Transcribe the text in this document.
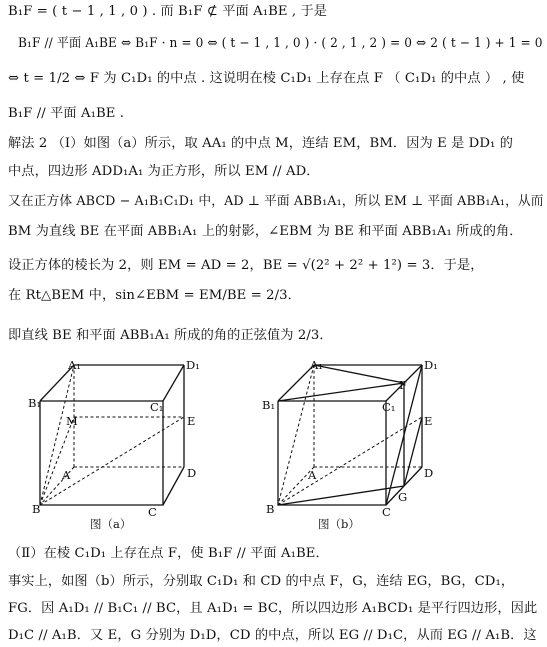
B₁F = ( t − 1 , 1 , 0 ) . 而 B₁F ⊄ 平面 A₁BE , 于是
B₁F // 平面 A₁BE ⇔ B₁F · n = 0 ⇔ ( t − 1 , 1 , 0 ) · ( 2 , 1 , 2 ) = 0 ⇔ 2 ( t − 1 ) + 1 = 0
⇔ t = 1/2 ⇔ F 为 C₁D₁ 的中点 . 这说明在棱 C₁D₁ 上存在点 F （ C₁D₁ 的中点 ） , 使
B₁F // 平面 A₁BE .
解法 2 （Ⅰ）如图（a）所示，取 AA₁ 的中点 M，连结 EM，BM．因为 E 是 DD₁ 的
中点，四边形 ADD₁A₁ 为正方形，所以 EM // AD．
又在正方体 ABCD − A₁B₁C₁D₁ 中，AD ⊥ 平面 ABB₁A₁，所以 EM ⊥ 平面 ABB₁A₁，从而
BM 为直线 BE 在平面 ABB₁A₁ 上的射影，∠EBM 为 BE 和平面 ABB₁A₁ 所成的角．
设正方体的棱长为 2，则 EM = AD = 2，BE = √(2² + 2² + 1²) = 3．于是，
在 Rt△BEM 中，sin∠EBM = EM/BE = 2/3．
即直线 BE 和平面 ABB₁A₁ 所成的角的正弦值为 2/3．
A₁	D₁
B₁	C₁
M	E
A	D
B	C
图（a）
A₁	D₁
B₁	C₁
F
E
A	D
B	C
G
图（b）
（Ⅱ）在棱 C₁D₁ 上存在点 F，使 B₁F // 平面 A₁BE．
事实上，如图（b）所示，分别取 C₁D₁ 和 CD 的中点 F，G，连结 EG，BG，CD₁，
FG．因 A₁D₁ // B₁C₁ // BC，且 A₁D₁ = BC，所以四边形 A₁BCD₁ 是平行四边形，因此
D₁C // A₁B．又 E，G 分别为 D₁D，CD 的中点，所以 EG // D₁C，从而 EG // A₁B．这
